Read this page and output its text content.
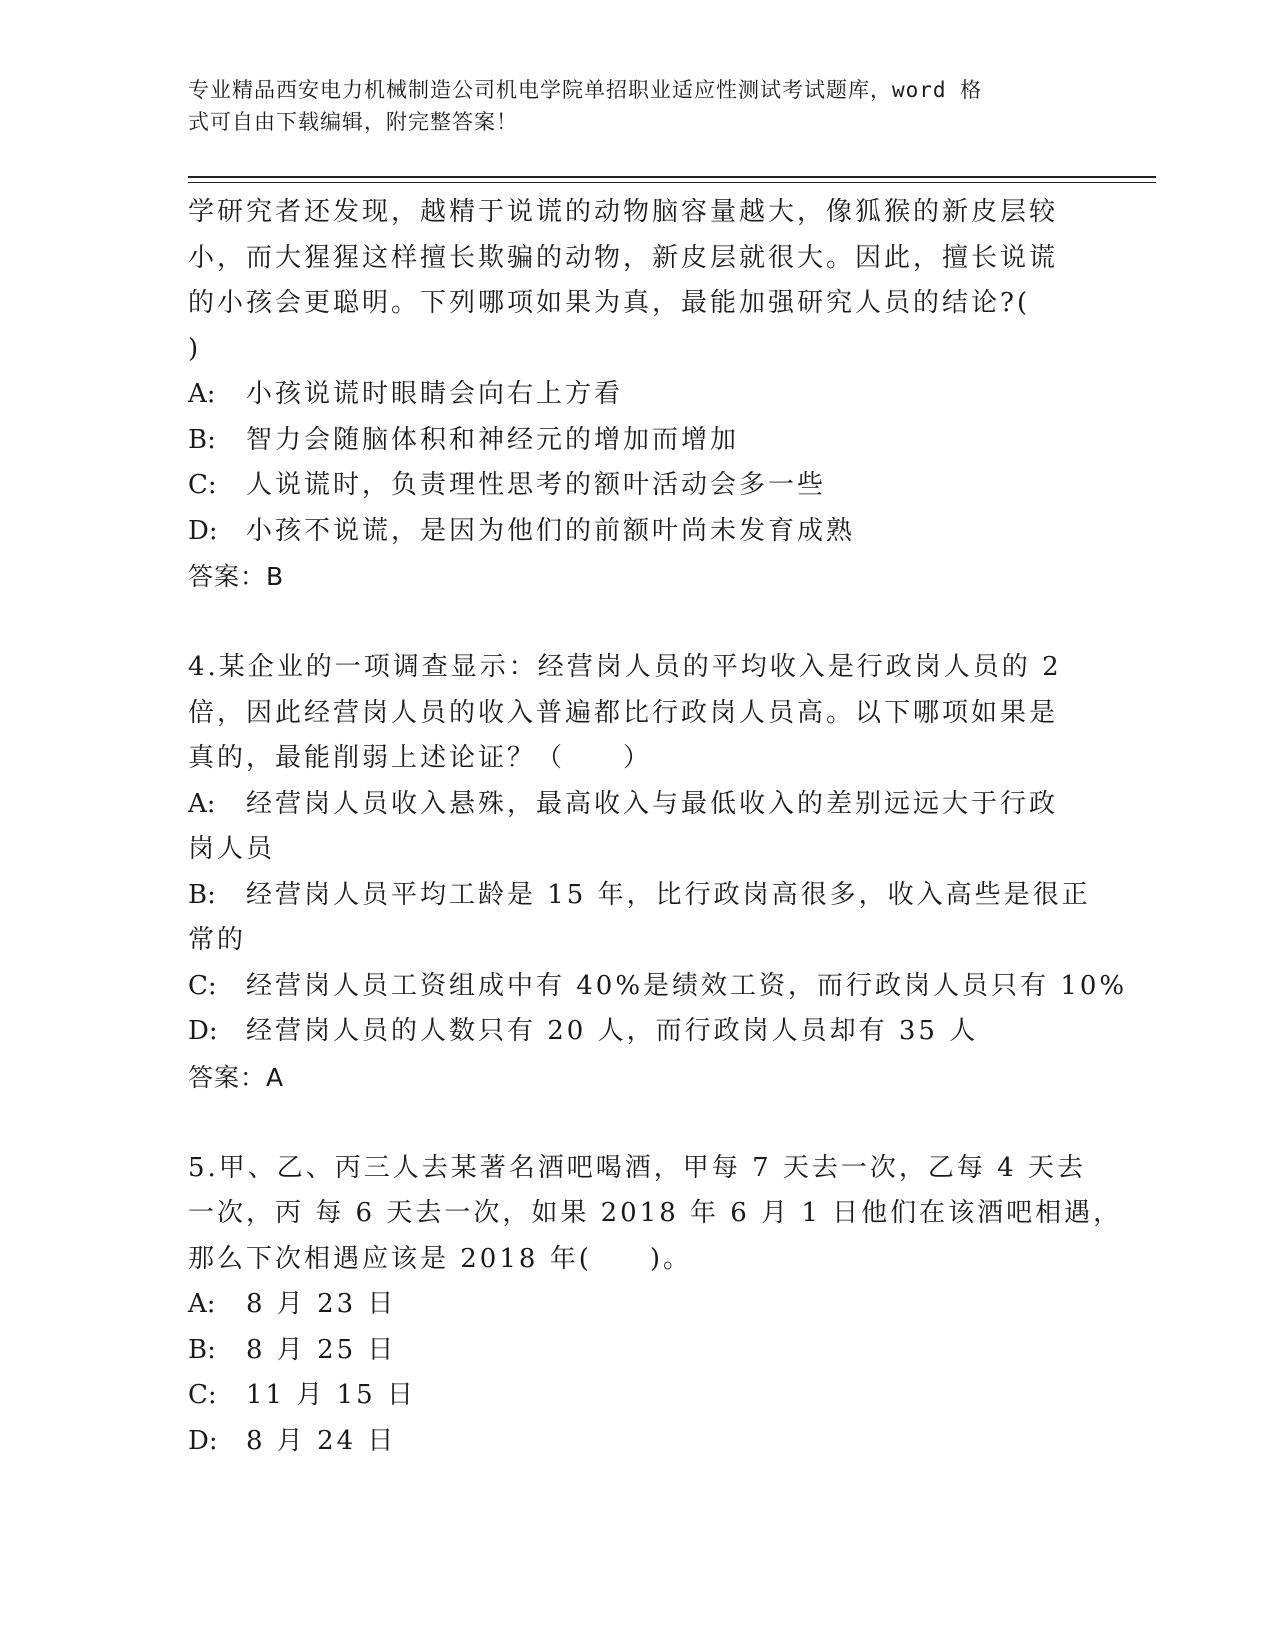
专业精品西安电力机械制造公司机电学院单招职业适应性测试考试题库，word 格
式可自由下载编辑，附完整答案！
学研究者还发现，越精于说谎的动物脑容量越大，像狐猴的新皮层较
小，而大猩猩这样擅长欺骗的动物，新皮层就很大。因此，擅长说谎
的小孩会更聪明。下列哪项如果为真，最能加强研究人员的结论?(
)
A: 小孩说谎时眼睛会向右上方看
B: 智力会随脑体积和神经元的增加而增加
C: 人说谎时，负责理性思考的额叶活动会多一些
D: 小孩不说谎，是因为他们的前额叶尚未发育成熟
答案：B
4.某企业的一项调查显示：经营岗人员的平均收入是行政岗人员的 2
倍，因此经营岗人员的收入普遍都比行政岗人员高。以下哪项如果是
真的，最能削弱上述论证？（　　）
A: 经营岗人员收入悬殊，最高收入与最低收入的差别远远大于行政
岗人员
B: 经营岗人员平均工龄是 15 年，比行政岗高很多，收入高些是很正
常的
C: 经营岗人员工资组成中有 40%是绩效工资，而行政岗人员只有 10%
D: 经营岗人员的人数只有 20 人，而行政岗人员却有 35 人
答案：A
5.甲、乙、丙三人去某著名酒吧喝酒，甲每 7 天去一次，乙每 4 天去
一次，丙 每 6 天去一次，如果 2018 年 6 月 1 日他们在该酒吧相遇，
那么下次相遇应该是 2018 年(　　)。
A: 8 月 23 日
B: 8 月 25 日
C: 11 月 15 日
D: 8 月 24 日
